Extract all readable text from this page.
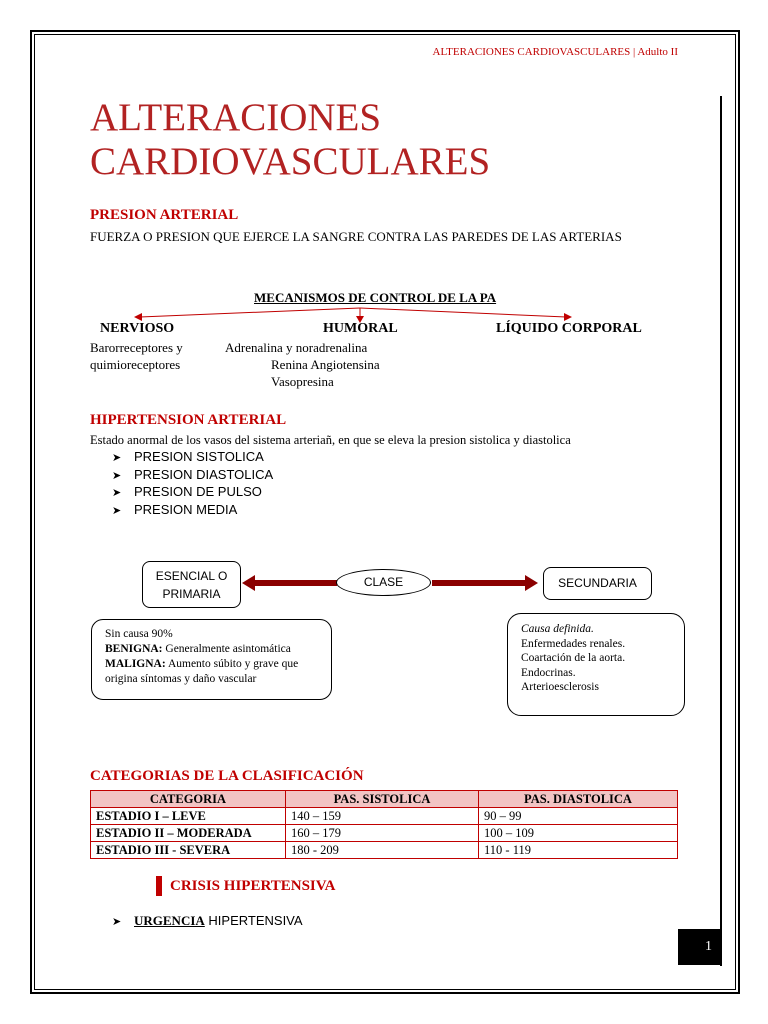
ALTERACIONES CARDIOVASCULARES | Adulto II
ALTERACIONES
CARDIOVASCULARES
PRESION ARTERIAL
FUERZA O PRESION QUE EJERCE LA SANGRE CONTRA LAS PAREDES DE LAS ARTERIAS
MECANISMOS DE CONTROL DE LA PA
NERVIOSO	HUMORAL	LÍQUIDO CORPORAL
Barorreceptores y
quimioreceptores
Adrenalina y noradrenalina
Renina Angiotensina
Vasopresina
HIPERTENSION ARTERIAL
Estado anormal de los vasos del sistema arteriañ, en que se eleva la presion sistolica y diastolica
➤ PRESION SISTOLICA
➤ PRESION DIASTOLICA
➤ PRESION DE PULSO
➤ PRESION MEDIA
ESENCIAL O
PRIMARIA
CLASE	SECUNDARIA
Sin causa 90%
BENIGNA: Generalmente asintomática
MALIGNA: Aumento súbito y grave que
origina síntomas y daño vascular
Causa definida.
Enfermedades renales.
Coartación de la aorta.
Endocrinas.
Arterioesclerosis
CATEGORIAS DE LA CLASIFICACIÓN
CATEGORIA	PAS. SISTOLICA	PAS. DIASTOLICA
ESTADIO I – LEVE	140 – 159	90 – 99
ESTADIO II – MODERADA	160 – 179	100 – 109
ESTADIO III - SEVERA	180 - 209	110 - 119
CRISIS HIPERTENSIVA
➤ URGENCIA HIPERTENSIVA
1
